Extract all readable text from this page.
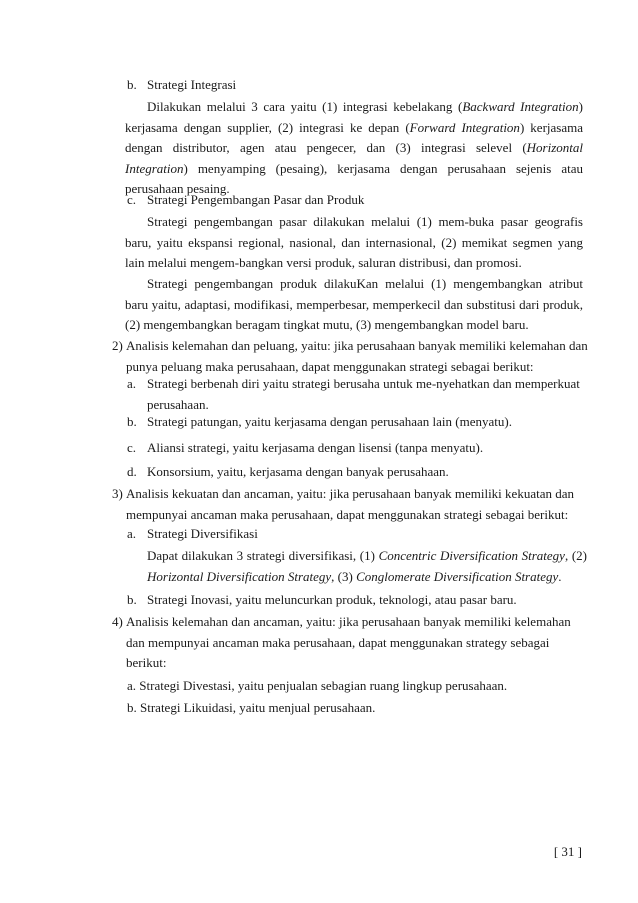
b. Strategi Integrasi
Dilakukan melalui 3 cara yaitu (1) integrasi kebelakang (Backward Integration) kerjasama dengan supplier, (2) integrasi ke depan (Forward Integration) kerjasama dengan distributor, agen atau pengecer, dan (3) integrasi selevel (Horizontal Integration) menyamping (pesaing), kerjasama dengan perusahaan sejenis atau perusahaan pesaing.
c. Strategi Pengembangan Pasar dan Produk
Strategi pengembangan pasar dilakukan melalui (1) mem-buka pasar geografis baru, yaitu ekspansi regional, nasional, dan internasional, (2) memikat segmen yang lain melalui mengem-bangkan versi produk, saluran distribusi, dan promosi.
Strategi pengembangan produk dilakuKan melalui (1) mengembangkan atribut baru yaitu, adaptasi, modifikasi, memperbesar, memperkecil dan substitusi dari produk, (2) mengembangkan beragam tingkat mutu, (3) mengembangkan model baru.
2) Analisis kelemahan dan peluang, yaitu: jika perusahaan banyak memiliki kelemahan dan punya peluang maka perusahaan, dapat menggunakan strategi sebagai berikut:
a. Strategi berbenah diri yaitu strategi berusaha untuk me-nyehatkan dan memperkuat perusahaan.
b. Strategi patungan, yaitu kerjasama dengan perusahaan lain (menyatu).
c. Aliansi strategi, yaitu kerjasama dengan lisensi (tanpa menyatu).
d. Konsorsium, yaitu, kerjasama dengan banyak perusahaan.
3) Analisis kekuatan dan ancaman, yaitu: jika perusahaan banyak memiliki kekuatan dan mempunyai ancaman maka perusahaan, dapat menggunakan strategi sebagai berikut:
a. Strategi Diversifikasi
Dapat dilakukan 3 strategi diversifikasi, (1) Concentric Diversification Strategy, (2) Horizontal Diversification Strategy, (3) Conglomerate Diversification Strategy.
b. Strategi Inovasi, yaitu meluncurkan produk, teknologi, atau pasar baru.
4) Analisis kelemahan dan ancaman, yaitu: jika perusahaan banyak memiliki kelemahan dan mempunyai ancaman maka perusahaan, dapat menggunakan strategy sebagai berikut:
a. Strategi Divestasi, yaitu penjualan sebagian ruang lingkup perusahaan.
b. Strategi Likuidasi, yaitu menjual perusahaan.
[ 31 ]
